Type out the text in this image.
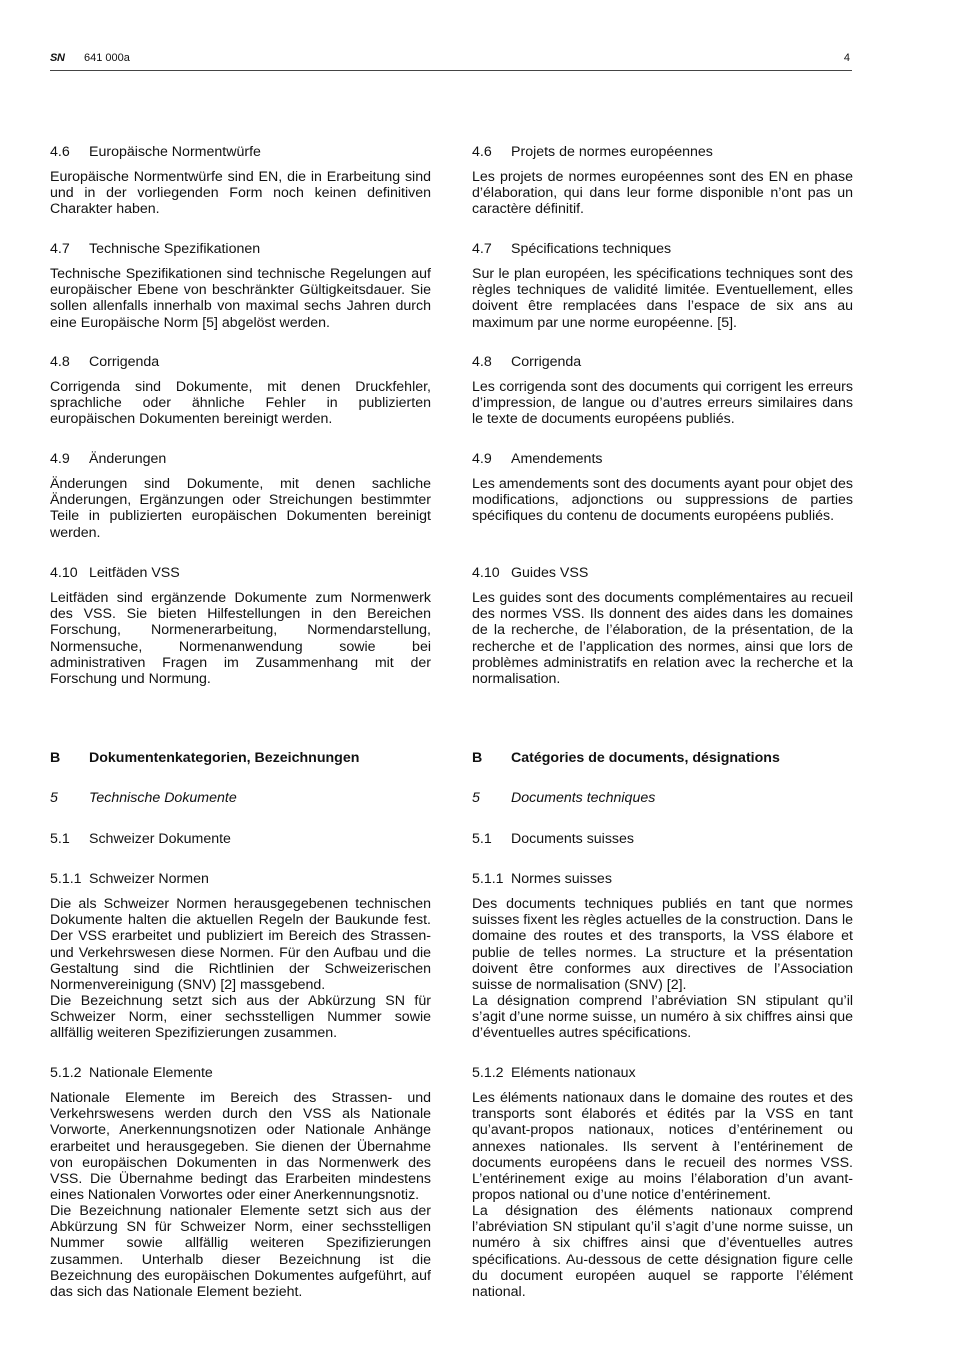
SN 641 000a	4
4.6 Europäische Normentwürfe
Europäische Normentwürfe sind EN, die in Erarbeitung sind und in der vorliegenden Form noch keinen definitiven Charakter haben.
4.7 Technische Spezifikationen
Technische Spezifikationen sind technische Regelungen auf europäischer Ebene von beschränkter Gültigkeitsdauer. Sie sollen allenfalls innerhalb von maximal sechs Jahren durch eine Europäische Norm [5] abgelöst werden.
4.8 Corrigenda
Corrigenda sind Dokumente, mit denen Druckfehler, sprachliche oder ähnliche Fehler in publizierten europäischen Dokumenten bereinigt werden.
4.9 Änderungen
Änderungen sind Dokumente, mit denen sachliche Änderungen, Ergänzungen oder Streichungen bestimmter Teile in publizierten europäischen Dokumenten bereinigt werden.
4.10 Leitfäden VSS
Leitfäden sind ergänzende Dokumente zum Normenwerk des VSS. Sie bieten Hilfestellungen in den Bereichen Forschung, Normenerarbeitung, Normendarstellung, Normensuche, Normenanwendung sowie bei administrativen Fragen im Zusammenhang mit der Forschung und Normung.
B Dokumentenkategorien, Bezeichnungen
5 Technische Dokumente
5.1 Schweizer Dokumente
5.1.1 Schweizer Normen
Die als Schweizer Normen herausgegebenen technischen Dokumente halten die aktuellen Regeln der Baukunde fest. Der VSS erarbeitet und publiziert im Bereich des Strassen- und Verkehrswesen diese Normen. Für den Aufbau und die Gestaltung sind die Richtlinien der Schweizerischen Normenvereinigung (SNV) [2] massgebend.
Die Bezeichnung setzt sich aus der Abkürzung SN für Schweizer Norm, einer sechsstelligen Nummer sowie allfällig weiteren Spezifizierungen zusammen.
5.1.2 Nationale Elemente
Nationale Elemente im Bereich des Strassen- und Verkehrswesens werden durch den VSS als Nationale Vorworte, Anerkennungsnotizen oder Nationale Anhänge erarbeitet und herausgegeben. Sie dienen der Übernahme von europäischen Dokumenten in das Normenwerk des VSS. Die Übernahme bedingt das Erarbeiten mindestens eines Nationalen Vorwortes oder einer Anerkennungsnotiz.
Die Bezeichnung nationaler Elemente setzt sich aus der Abkürzung SN für Schweizer Norm, einer sechsstelligen Nummer sowie allfällig weiteren Spezifizierungen zusammen. Unterhalb dieser Bezeichnung ist die Bezeichnung des europäischen Dokumentes aufgeführt, auf das sich das Nationale Element bezieht.
4.6 Projets de normes européennes
Les projets de normes européennes sont des EN en phase d’élaboration, qui dans leur forme disponible n’ont pas un caractère définitif.
4.7 Spécifications techniques
Sur le plan européen, les spécifications techniques sont des règles techniques de validité limitée. Eventuellement, elles doivent être remplacées dans l’espace de six ans au maximum par une norme européenne. [5].
4.8 Corrigenda
Les corrigenda sont des documents qui corrigent les erreurs d’impression, de langue ou d’autres erreurs similaires dans le texte de documents européens publiés.
4.9 Amendements
Les amendements sont des documents ayant pour objet des modifications, adjonctions ou suppressions de parties spécifiques du contenu de documents européens publiés.
4.10 Guides VSS
Les guides sont des documents complémentaires au recueil des normes VSS. Ils donnent des aides dans les domaines de la recherche, de l’élaboration, de la présentation, de la recherche et de l’application des normes, ainsi que lors de problèmes administratifs en relation avec la recherche et la normalisation.
B Catégories de documents, désignations
5 Documents techniques
5.1 Documents suisses
5.1.1 Normes suisses
Des documents techniques publiés en tant que normes suisses fixent les règles actuelles de la construction. Dans le domaine des routes et des transports, la VSS élabore et publie de telles normes. La structure et la présentation doivent être conformes aux directives de l’Association suisse de normalisation (SNV) [2].
La désignation comprend l’abréviation SN stipulant qu’il s’agit d’une norme suisse, un numéro à six chiffres ainsi que d’éventuelles autres spécifications.
5.1.2 Eléments nationaux
Les éléments nationaux dans le domaine des routes et des transports sont élaborés et édités par la VSS en tant qu’avant-propos nationaux, notices d’entérinement ou annexes nationales. Ils servent à l’entérinement de documents européens dans le recueil des normes VSS. L’entérinement exige au moins l’élaboration d’un avant-propos national ou d’une notice d’entérinement.
La désignation des éléments nationaux comprend l’abréviation SN stipulant qu’il s’agit d’une norme suisse, un numéro à six chiffres ainsi que d’éventuelles autres spécifications. Au-dessous de cette désignation figure celle du document européen auquel se rapporte l’élément national.
